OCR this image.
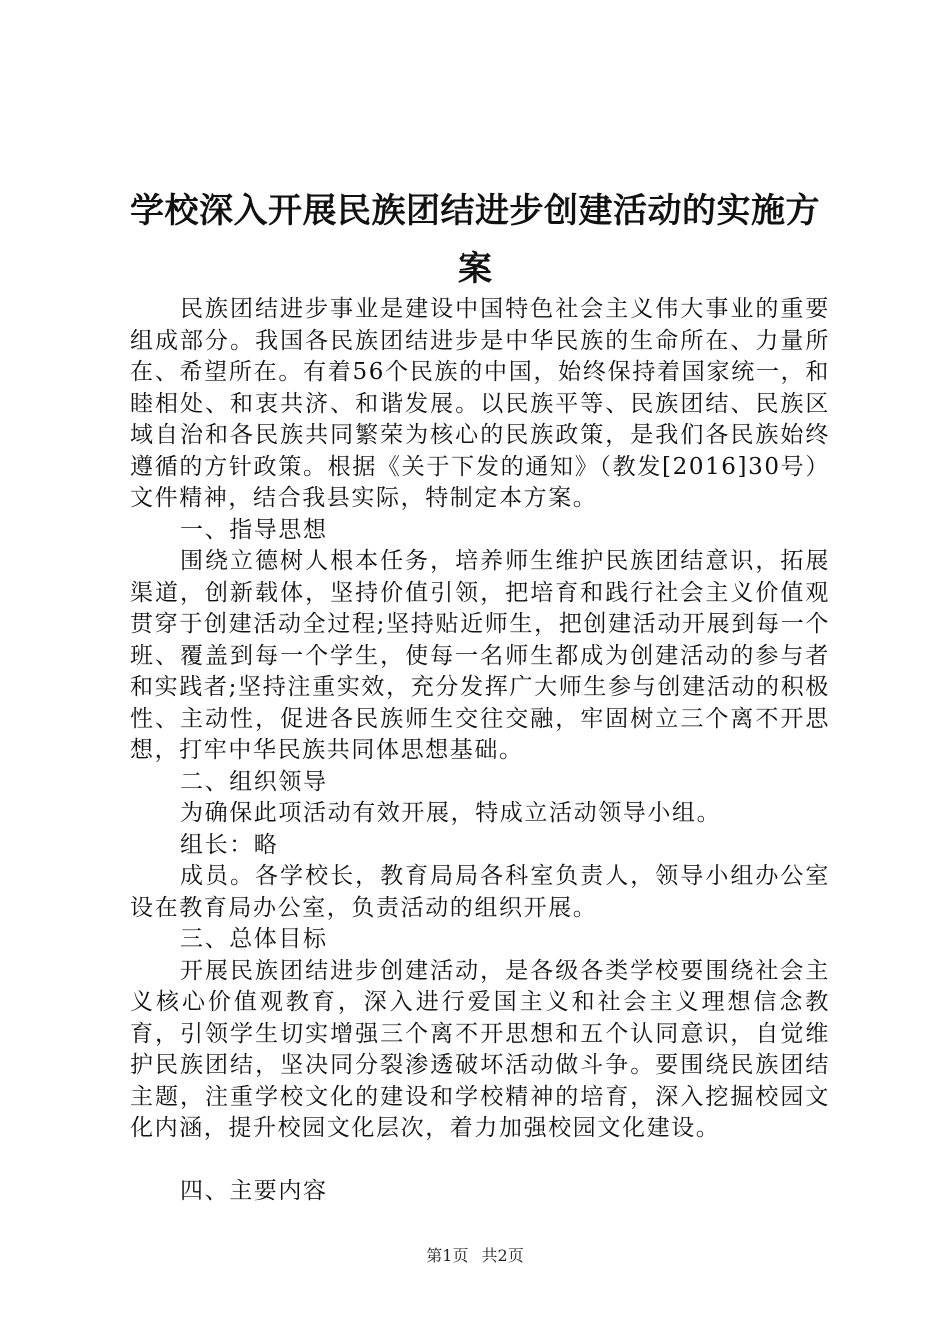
学校深入开展民族团结进步创建活动的实施方
案

民族团结进步事业是建设中国特色社会主义伟大事业的重要组成部分。我国各民族团结进步是中华民族的生命所在、力量所在、希望所在。有着56个民族的中国，始终保持着国家统一，和睦相处、和衷共济、和谐发展。以民族平等、民族团结、民族区域自治和各民族共同繁荣为核心的民族政策，是我们各民族始终遵循的方针政策。根据《关于下发的通知》（教发[2016]30号）文件精神，结合我县实际，特制定本方案。

一、指导思想

围绕立德树人根本任务，培养师生维护民族团结意识，拓展渠道，创新载体，坚持价值引领，把培育和践行社会主义价值观贯穿于创建活动全过程;坚持贴近师生，把创建活动开展到每一个班、覆盖到每一个学生，使每一名师生都成为创建活动的参与者和实践者;坚持注重实效，充分发挥广大师生参与创建活动的积极性、主动性，促进各民族师生交往交融，牢固树立三个离不开思想，打牢中华民族共同体思想基础。

二、组织领导

为确保此项活动有效开展，特成立活动领导小组。

组长：略

成员。各学校长，教育局局各科室负责人，领导小组办公室设在教育局办公室，负责活动的组织开展。

三、总体目标

开展民族团结进步创建活动，是各级各类学校要围绕社会主义核心价值观教育，深入进行爱国主义和社会主义理想信念教育，引领学生切实增强三个离不开思想和五个认同意识，自觉维护民族团结，坚决同分裂渗透破坏活动做斗争。要围绕民族团结主题，注重学校文化的建设和学校精神的培育，深入挖掘校园文化内涵，提升校园文化层次，着力加强校园文化建设。

四、主要内容

第1页 共2页
